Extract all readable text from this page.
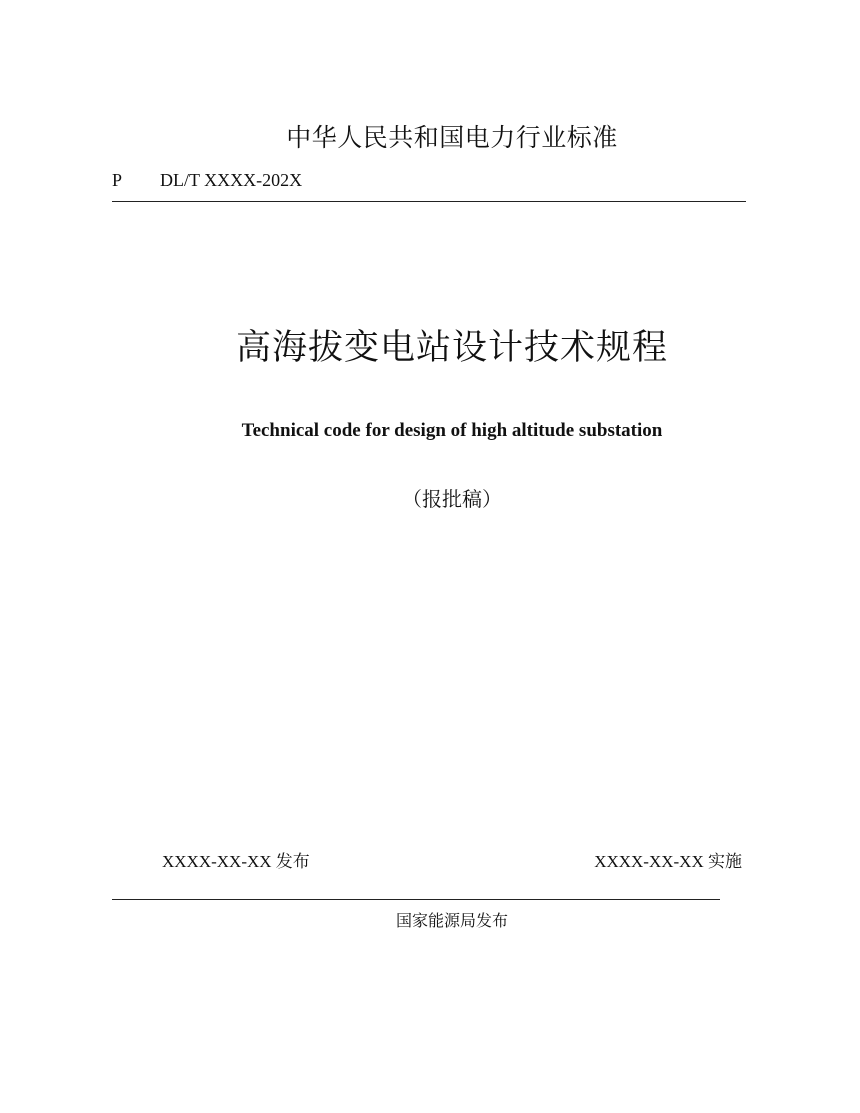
中华人民共和国电力行业标准
P DL/T XXXX-202X
高海拔变电站设计技术规程
Technical code for design of high altitude substation
（报批稿）
XXXX-XX-XX 发布	XXXX-XX-XX 实施
国家能源局发布
